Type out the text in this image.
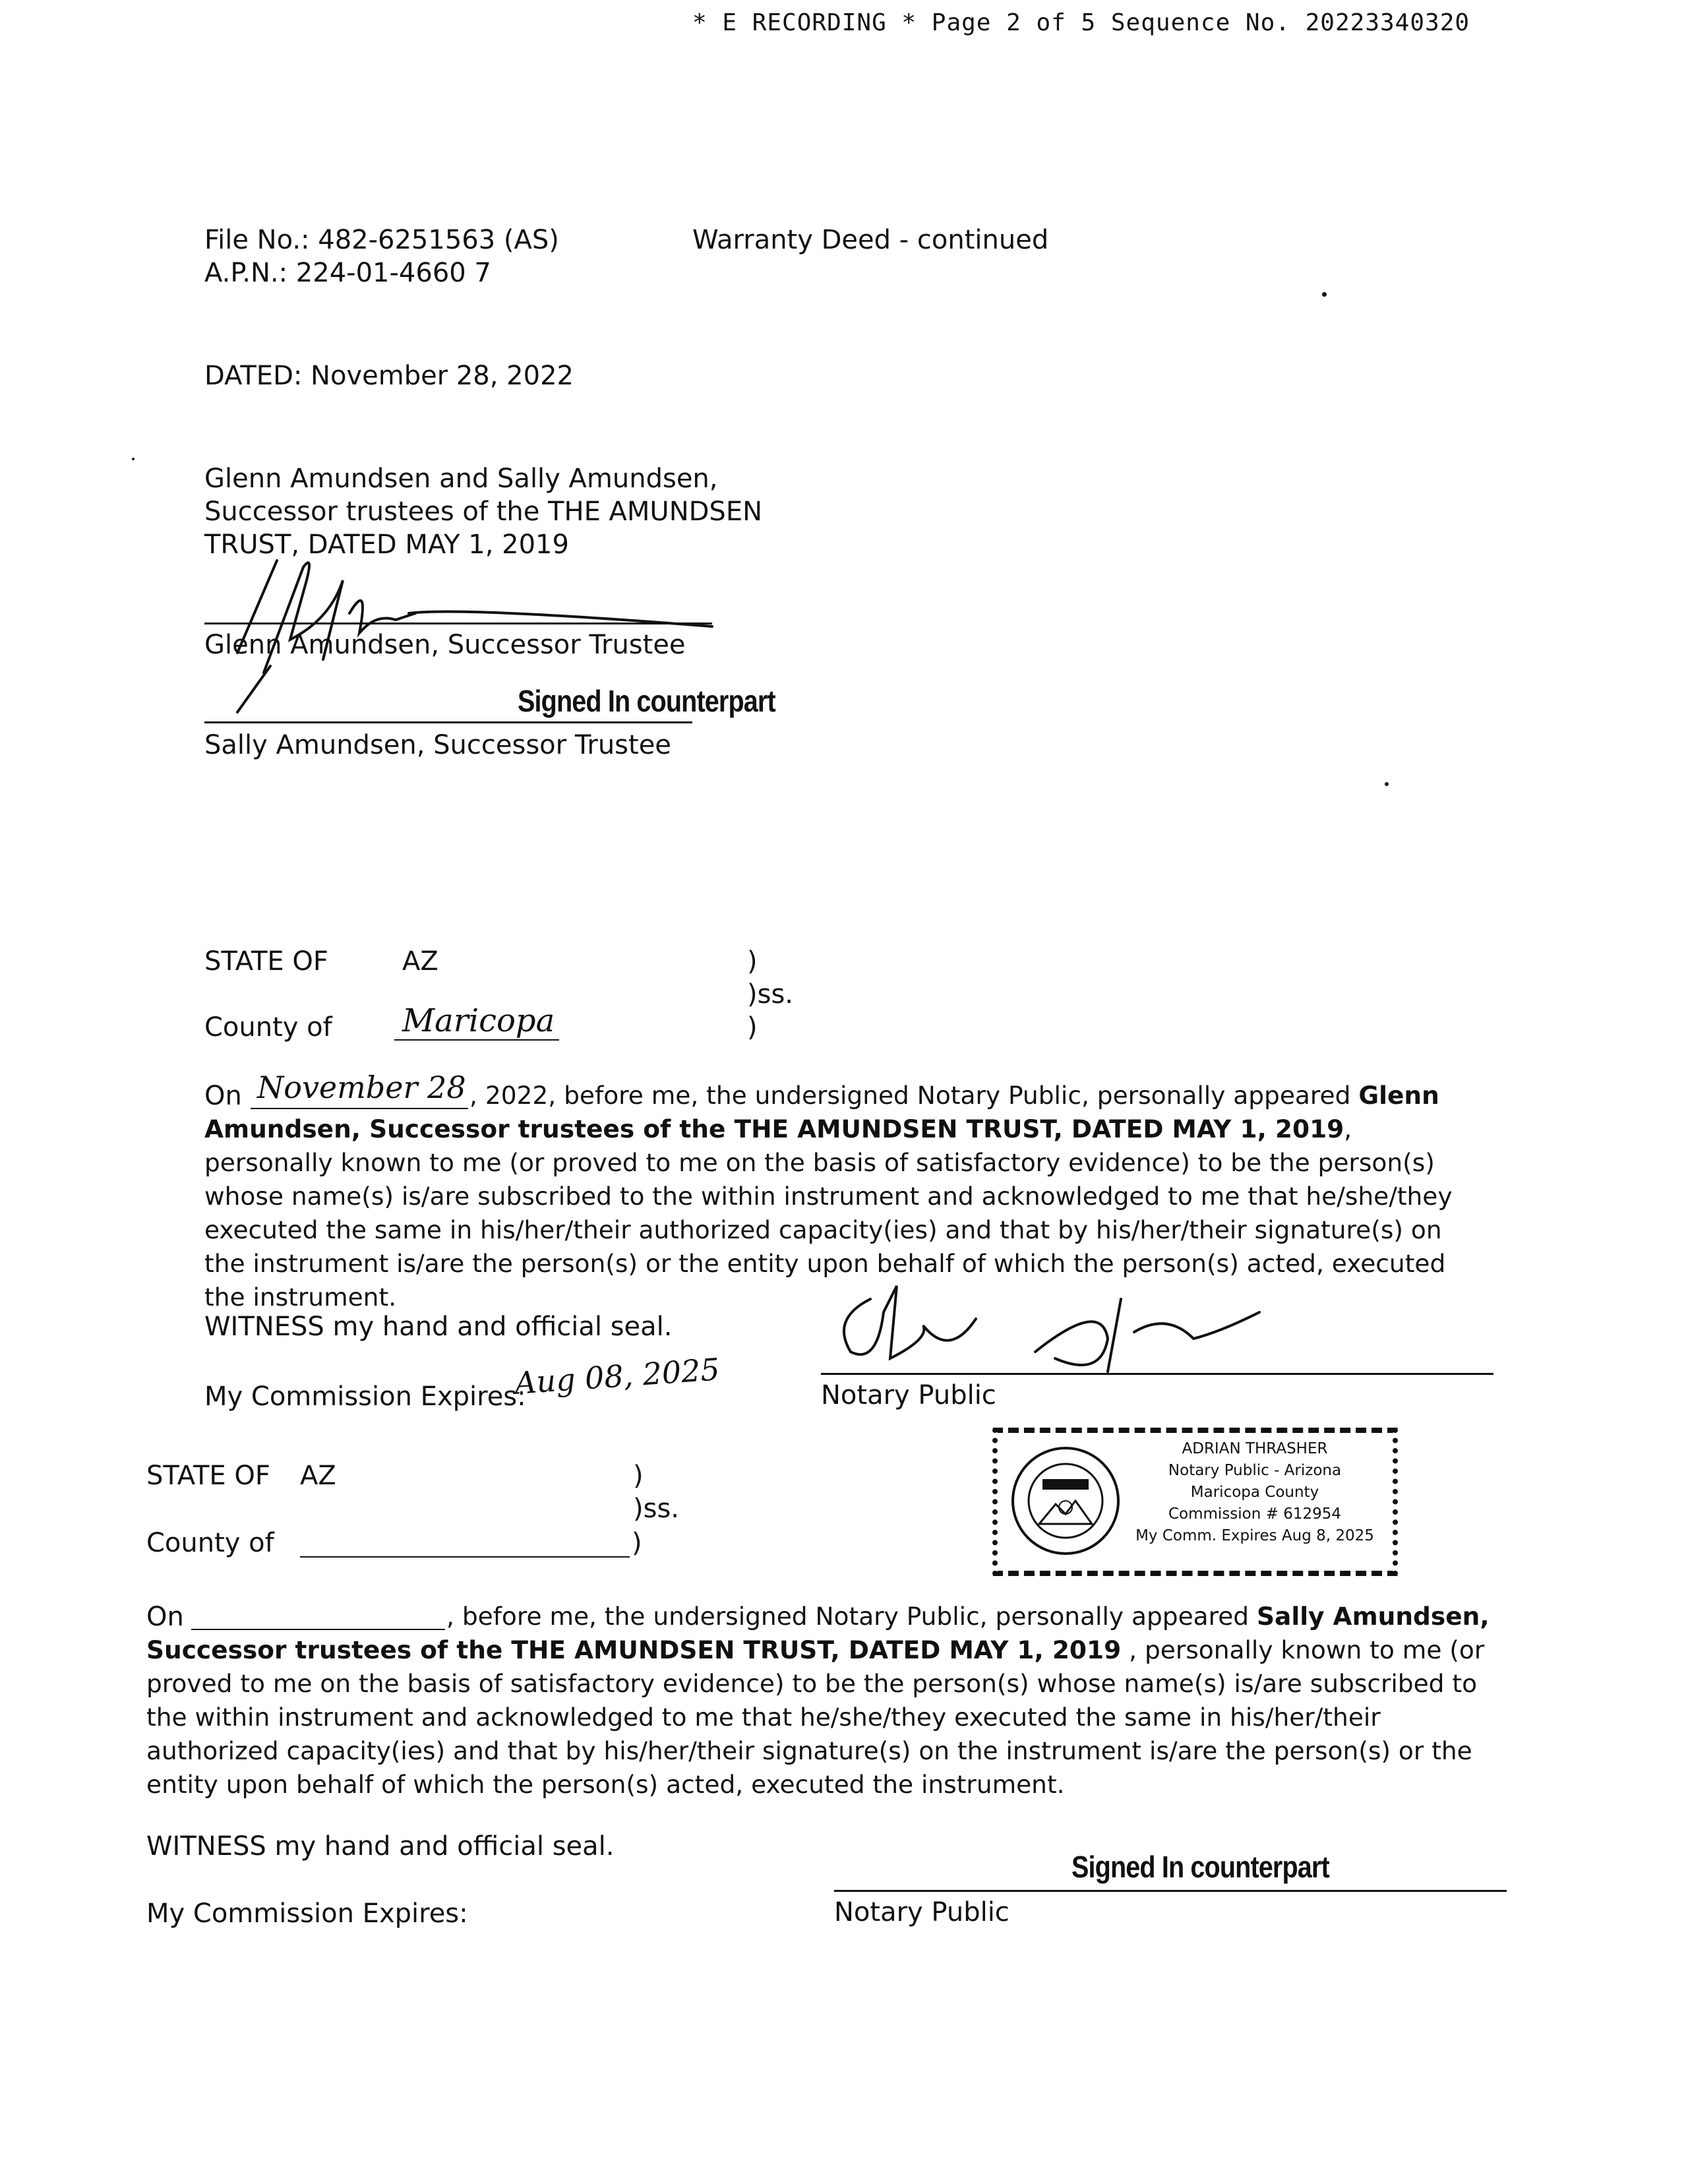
* E RECORDING * Page 2 of 5 Sequence No. 20223340320
File No.: 482-6251563 (AS)
A.P.N.: 224-01-4660 7
Warranty Deed - continued
DATED: November 28, 2022
Glenn Amundsen and Sally Amundsen,
Successor trustees of the THE AMUNDSEN
TRUST, DATED MAY 1, 2019
Glenn Amundsen, Successor Trustee
Signed In counterpart
Sally Amundsen, Successor Trustee
STATE OF	AZ	)
)ss.
)
County of Maricopa
On November 28 , 2022, before me, the undersigned Notary Public, personally appeared Glenn Amundsen, Successor trustees of the THE AMUNDSEN TRUST, DATED MAY 1, 2019, personally known to me (or proved to me on the basis of satisfactory evidence) to be the person(s) whose name(s) is/are subscribed to the within instrument and acknowledged to me that he/she/they executed the same in his/her/their authorized capacity(ies) and that by his/her/their signature(s) on the instrument is/are the person(s) or the entity upon behalf of which the person(s) acted, executed the instrument.
WITNESS my hand and official seal.
My Commission Expires:
Aug 08, 2025	Notary Public
ADRIAN THRASHER
Notary Public - Arizona
Maricopa County
Commission # 612954
My Comm. Expires Aug 8, 2025
STATE OF AZ	)
)ss.
County of	)
On	, before me, the undersigned Notary Public, personally appeared Sally Amundsen, Successor trustees of the THE AMUNDSEN TRUST, DATED MAY 1, 2019 , personally known to me (or proved to me on the basis of satisfactory evidence) to be the person(s) whose name(s) is/are subscribed to the within instrument and acknowledged to me that he/she/they executed the same in his/her/their authorized capacity(ies) and that by his/her/their signature(s) on the instrument is/are the person(s) or the entity upon behalf of which the person(s) acted, executed the instrument.
WITNESS my hand and official seal.
Signed In counterpart
Notary Public
My Commission Expires:
